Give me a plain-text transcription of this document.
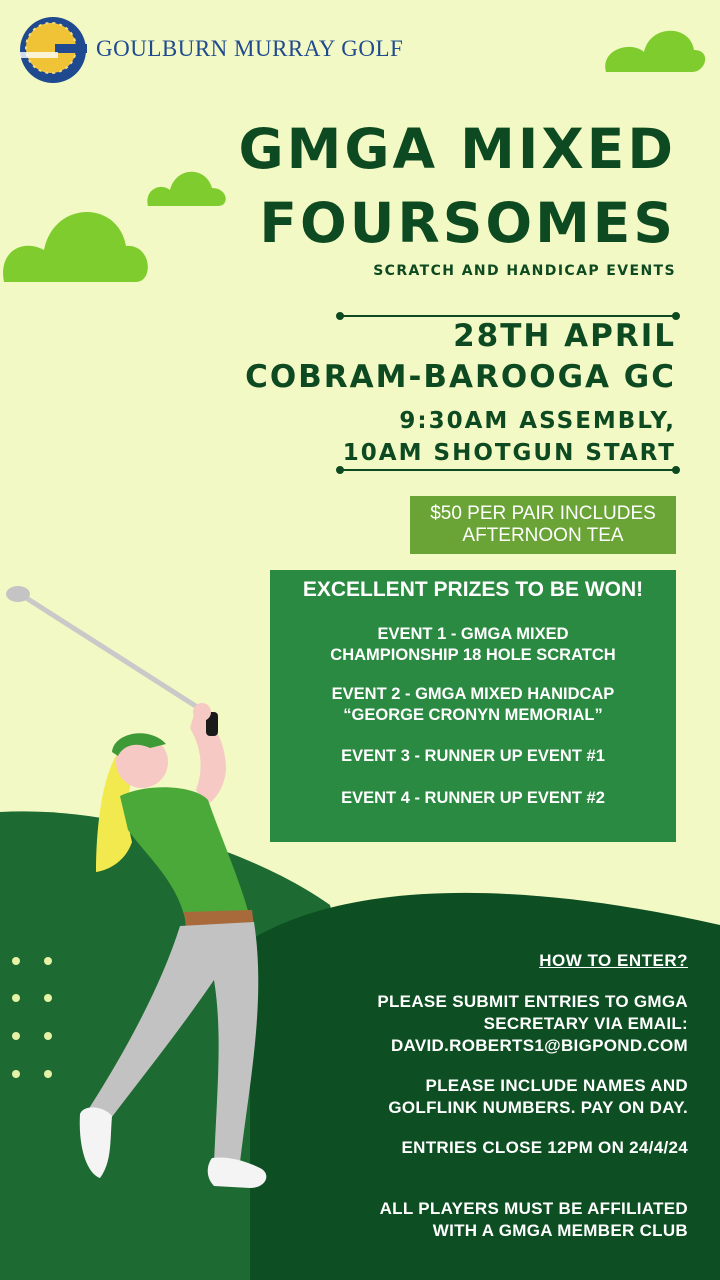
GOULBURN MURRAY GOLF
GMGA MIXED
FOURSOMES
SCRATCH AND HANDICAP EVENTS
28TH APRIL
COBRAM-BAROOGA GC
9:30AM ASSEMBLY,
10AM SHOTGUN START
$50 PER PAIR INCLUDES
AFTERNOON TEA
EXCELLENT PRIZES TO BE WON!
EVENT 1 - GMGA MIXED
CHAMPIONSHIP 18 HOLE SCRATCH
EVENT 2 - GMGA MIXED HANIDCAP
“GEORGE CRONYN MEMORIAL”
EVENT 3 - RUNNER UP EVENT #1
EVENT 4 - RUNNER UP EVENT #2
HOW TO ENTER?
PLEASE SUBMIT ENTRIES TO GMGA
SECRETARY VIA EMAIL:
DAVID.ROBERTS1@BIGPOND.COM
PLEASE INCLUDE NAMES AND
GOLFLINK NUMBERS. PAY ON DAY.
ENTRIES CLOSE 12PM ON 24/4/24
ALL PLAYERS MUST BE AFFILIATED
WITH A GMGA MEMBER CLUB
